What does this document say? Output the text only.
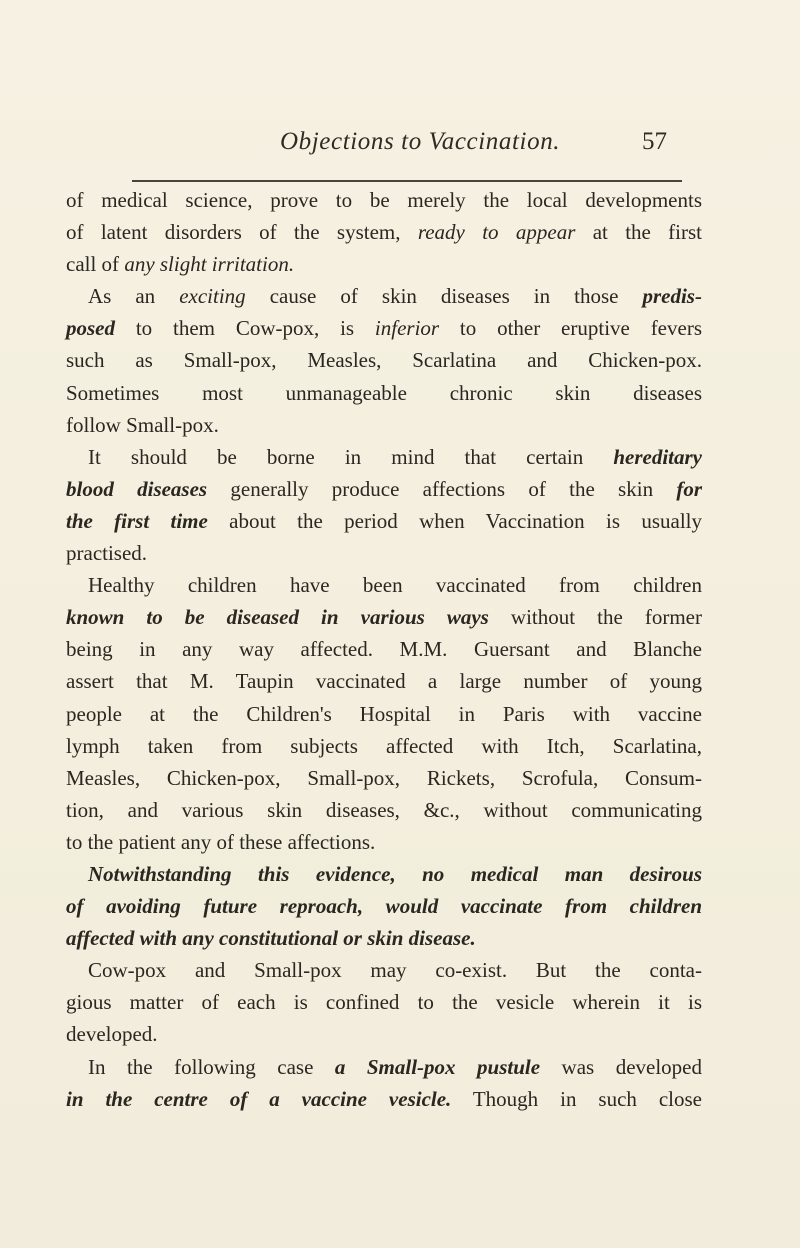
Objections to Vaccination.	57
of medical science, prove to be merely the local developments
of latent disorders of the system, ready to appear at the first
call of any slight irritation.
As an exciting cause of skin diseases in those predis-
posed to them Cow-pox, is inferior to other eruptive fevers
such as Small-pox, Measles, Scarlatina and Chicken-pox.
Sometimes most unmanageable chronic skin diseases
follow Small-pox.
It should be borne in mind that certain hereditary
blood diseases generally produce affections of the skin for
the first time about the period when Vaccination is usually
practised.
Healthy children have been vaccinated from children
known to be diseased in various ways without the former
being in any way affected. M.M. Guersant and Blanche
assert that M. Taupin vaccinated a large number of young
people at the Children's Hospital in Paris with vaccine
lymph taken from subjects affected with Itch, Scarlatina,
Measles, Chicken-pox, Small-pox, Rickets, Scrofula, Consum-
tion, and various skin diseases, &c., without communicating
to the patient any of these affections.
Notwithstanding this evidence, no medical man desirous
of avoiding future reproach, would vaccinate from children
affected with any constitutional or skin disease.
Cow-pox and Small-pox may co-exist. But the conta-
gious matter of each is confined to the vesicle wherein it is
developed.
In the following case a Small-pox pustule was developed
in the centre of a vaccine vesicle. Though in such close
